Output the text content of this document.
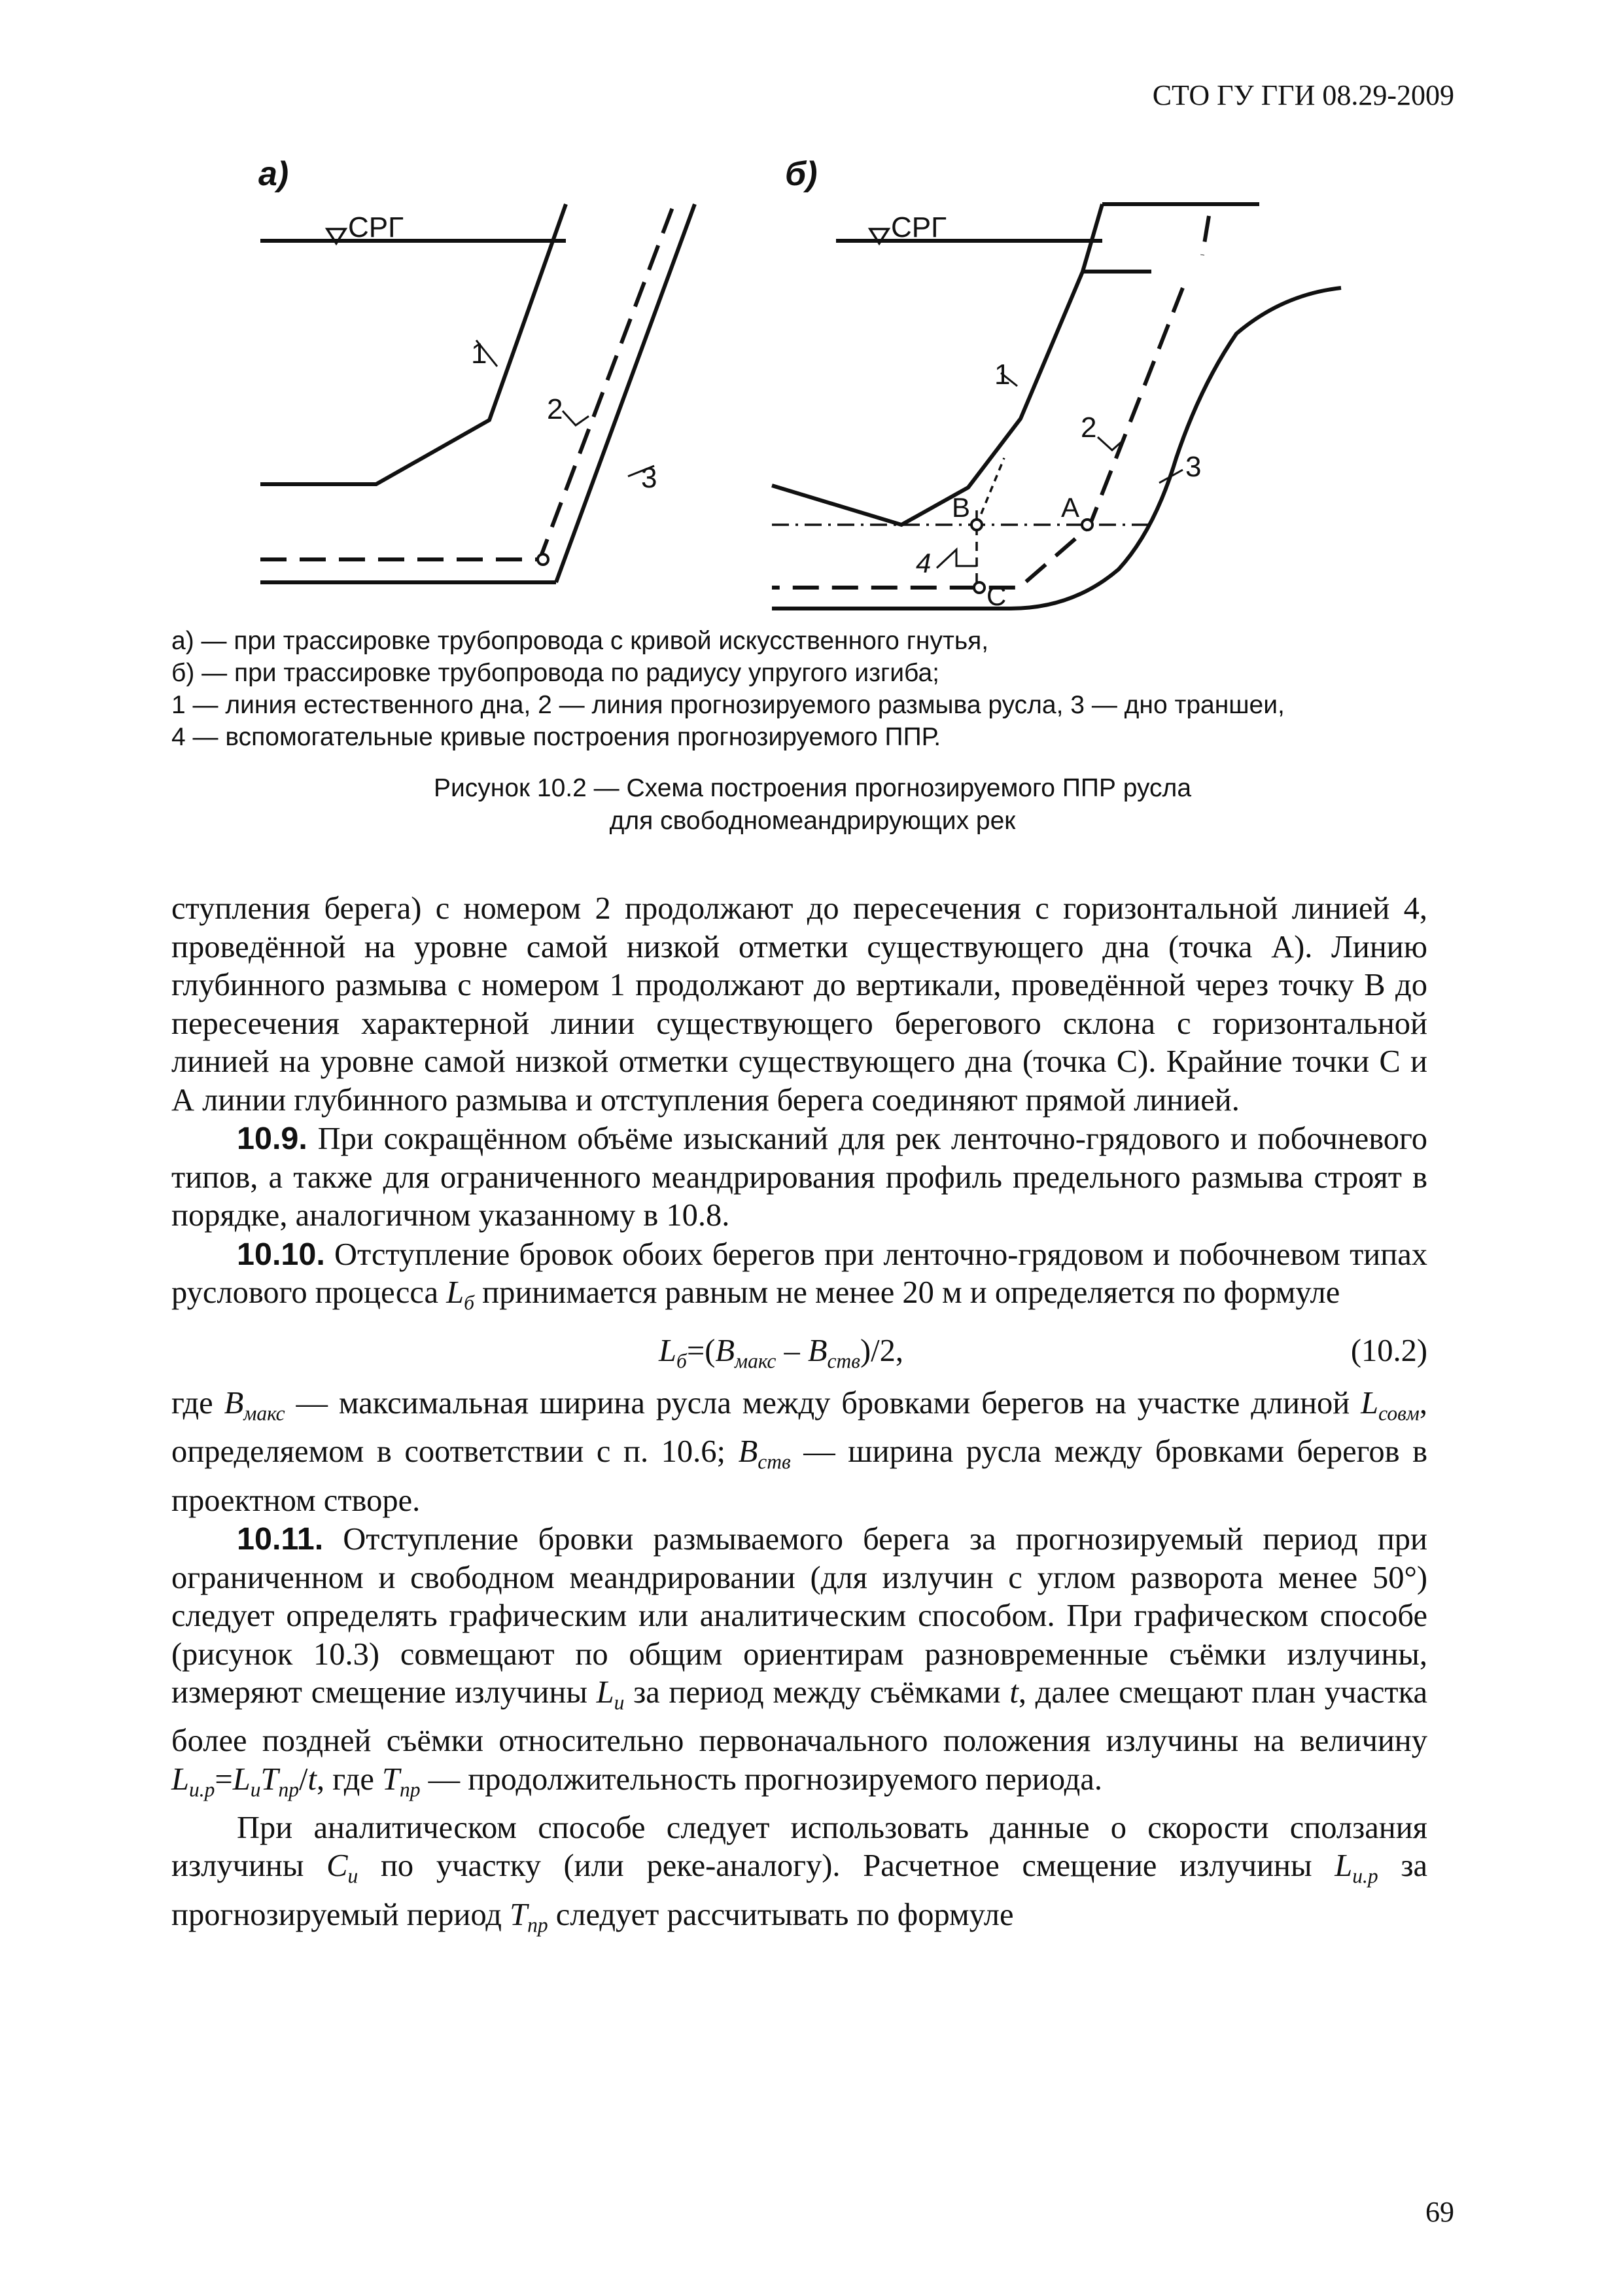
СТО ГУ ГГИ 08.29-2009
а)	б)
СРГ	СРГ
1
2
3
1
2
3
4
А
В
С
а) — при трассировке трубопровода с кривой искусственного гнутья,
б) — при трассировке трубопровода по радиусу упругого изгиба;
1 — линия естественного дна, 2 — линия прогнозируемого размыва русла, 3 — дно траншеи,
4 — вспомогательные кривые построения прогнозируемого ППР.
Рисунок 10.2 — Схема построения прогнозируемого ППР русла
для свободномеандрирующих рек

ступления берега) с номером 2 продолжают до пересечения с горизонтальной линией 4, проведённой на уровне самой низкой отметки существующего дна (точка А). Линию глубинного размыва с номером 1 продолжают до вертикали, проведённой через точку В до пересечения характерной линии существующего берегового склона с горизонтальной линией на уровне самой низкой отметки существующего дна (точка С). Крайние точки С и А линии глубинного размыва и отступления берега соединяют прямой линией.

10.9. При сокращённом объёме изысканий для рек ленточно-грядового и побочневого типов, а также для ограниченного меандрирования профиль предельного размыва строят в порядке, аналогичном указанному в 10.8.

10.10. Отступление бровок обоих берегов при ленточно-грядовом и побочневом типах руслового процесса $L_б$ принимается равным не менее 20 м и определяется по формуле

$L_б=(B_{макс} - B_{ств})/2$,	(10.2)

где $B_{макс}$ — максимальная ширина русла между бровками берегов на участке длиной $L_{совм}$, определяемом в соответствии с п. 10.6; $B_{ств}$ — ширина русла между бровками берегов в проектном створе.

10.11. Отступление бровки размываемого берега за прогнозируемый период при ограниченном и свободном меандрировании (для излучин с углом разворота менее 50°) следует определять графическим или аналитическим способом. При графическом способе (рисунок 10.3) совмещают по общим ориентирам разновременные съёмки излучины, измеряют смещение излучины $L_и$ за период между съёмками t, далее смещают план участка более поздней съёмки относительно первоначального положения излучины на величину $L_{и.р}=L_иT_{пр}/t$, где $T_{пр}$ — продолжительность прогнозируемого периода.

При аналитическом способе следует использовать данные о скорости сползания излучины $C_и$ по участку (или реке-аналогу). Расчетное смещение излучины $L_{и.р}$ за прогнозируемый период $T_{пр}$ следует рассчитывать по формуле

69
